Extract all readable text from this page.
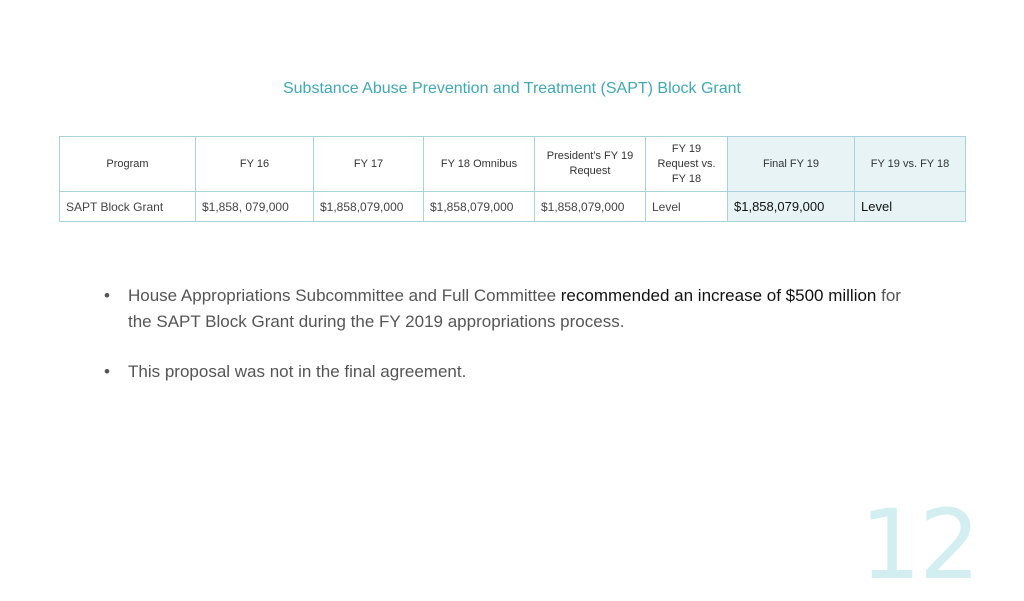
Substance Abuse Prevention and Treatment (SAPT) Block Grant
Program	FY 16	FY 17	FY 18 Omnibus	President’s FY 19 Request	FY 19 Request vs. FY 18	Final FY 19	FY 19 vs. FY 18
SAPT Block Grant	$1,858, 079,000	$1,858,079,000	$1,858,079,000	$1,858,079,000	Level	$1,858,079,000	Level
• House Appropriations Subcommittee and Full Committee recommended an increase of $500 million for the SAPT Block Grant during the FY 2019 appropriations process.
• This proposal was not in the final agreement.
12
